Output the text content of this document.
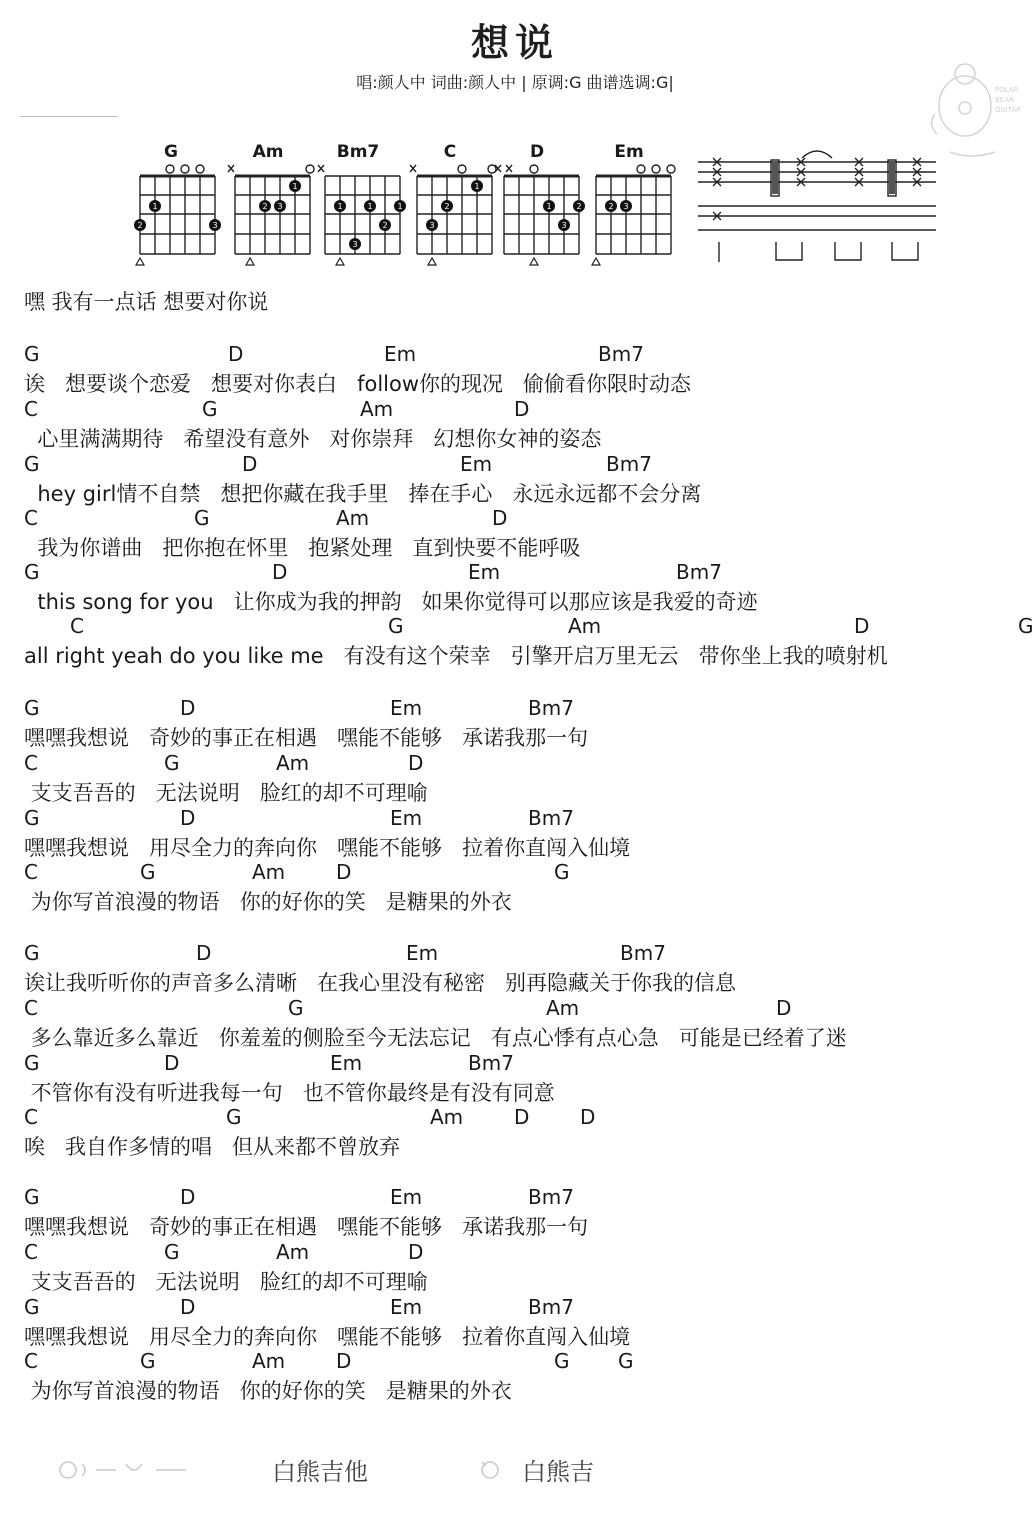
想说
唱:颜人中 词曲:颜人中 | 原调:G 曲谱选调:G|	POLAR
BEAR
GUITAR
G
1
2	3
Am
1
2 3
Bm7
1	1	1
2
3
C
1
2
3
D
1	2
3
Em
2 3
嘿 我有一点话 想要对你说
G	D	Em	Bm7
诶   想要谈个恋爱   想要对你表白   follow你的现况   偷偷看你限时动态
C	G	Am	D
心里满满期待   希望没有意外   对你崇拜   幻想你女神的姿态
G	D	Em	Bm7
hey girl情不自禁   想把你藏在我手里   捧在手心   永远永远都不会分离
C	G	Am	D
我为你谱曲   把你抱在怀里   抱紧处理   直到快要不能呼吸
G	D	Em	Bm7
this song for you   让你成为我的押韵   如果你觉得可以那应该是我爱的奇迹
C	G	Am	D	G
all right yeah do you like me   有没有这个荣幸   引擎开启万里无云   带你坐上我的喷射机
G	D	Em	Bm7
嘿嘿我想说   奇妙的事正在相遇   嘿能不能够   承诺我那一句
C	G	Am	D
支支吾吾的   无法说明   脸红的却不可理喻
G	D	Em	Bm7
嘿嘿我想说   用尽全力的奔向你   嘿能不能够   拉着你直闯入仙境
C	G	Am	D	G
为你写首浪漫的物语   你的好你的笑   是糖果的外衣
G	D	Em	Bm7
诶让我听听你的声音多么清晰   在我心里没有秘密   别再隐藏关于你我的信息
C	G	Am	D
多么靠近多么靠近   你羞羞的侧脸至今无法忘记   有点心悸有点心急   可能是已经着了迷
G	D	Em	Bm7
不管你有没有听进我每一句   也不管你最终是有没有同意
C	G	Am	D	D
唉   我自作多情的唱   但从来都不曾放弃
G	D	Em	Bm7
嘿嘿我想说   奇妙的事正在相遇   嘿能不能够   承诺我那一句
C	G	Am	D
支支吾吾的   无法说明   脸红的却不可理喻
G	D	Em	Bm7
嘿嘿我想说   用尽全力的奔向你   嘿能不能够   拉着你直闯入仙境
C	G	Am	D	G G
为你写首浪漫的物语   你的好你的笑   是糖果的外衣
白熊吉他	白熊吉
